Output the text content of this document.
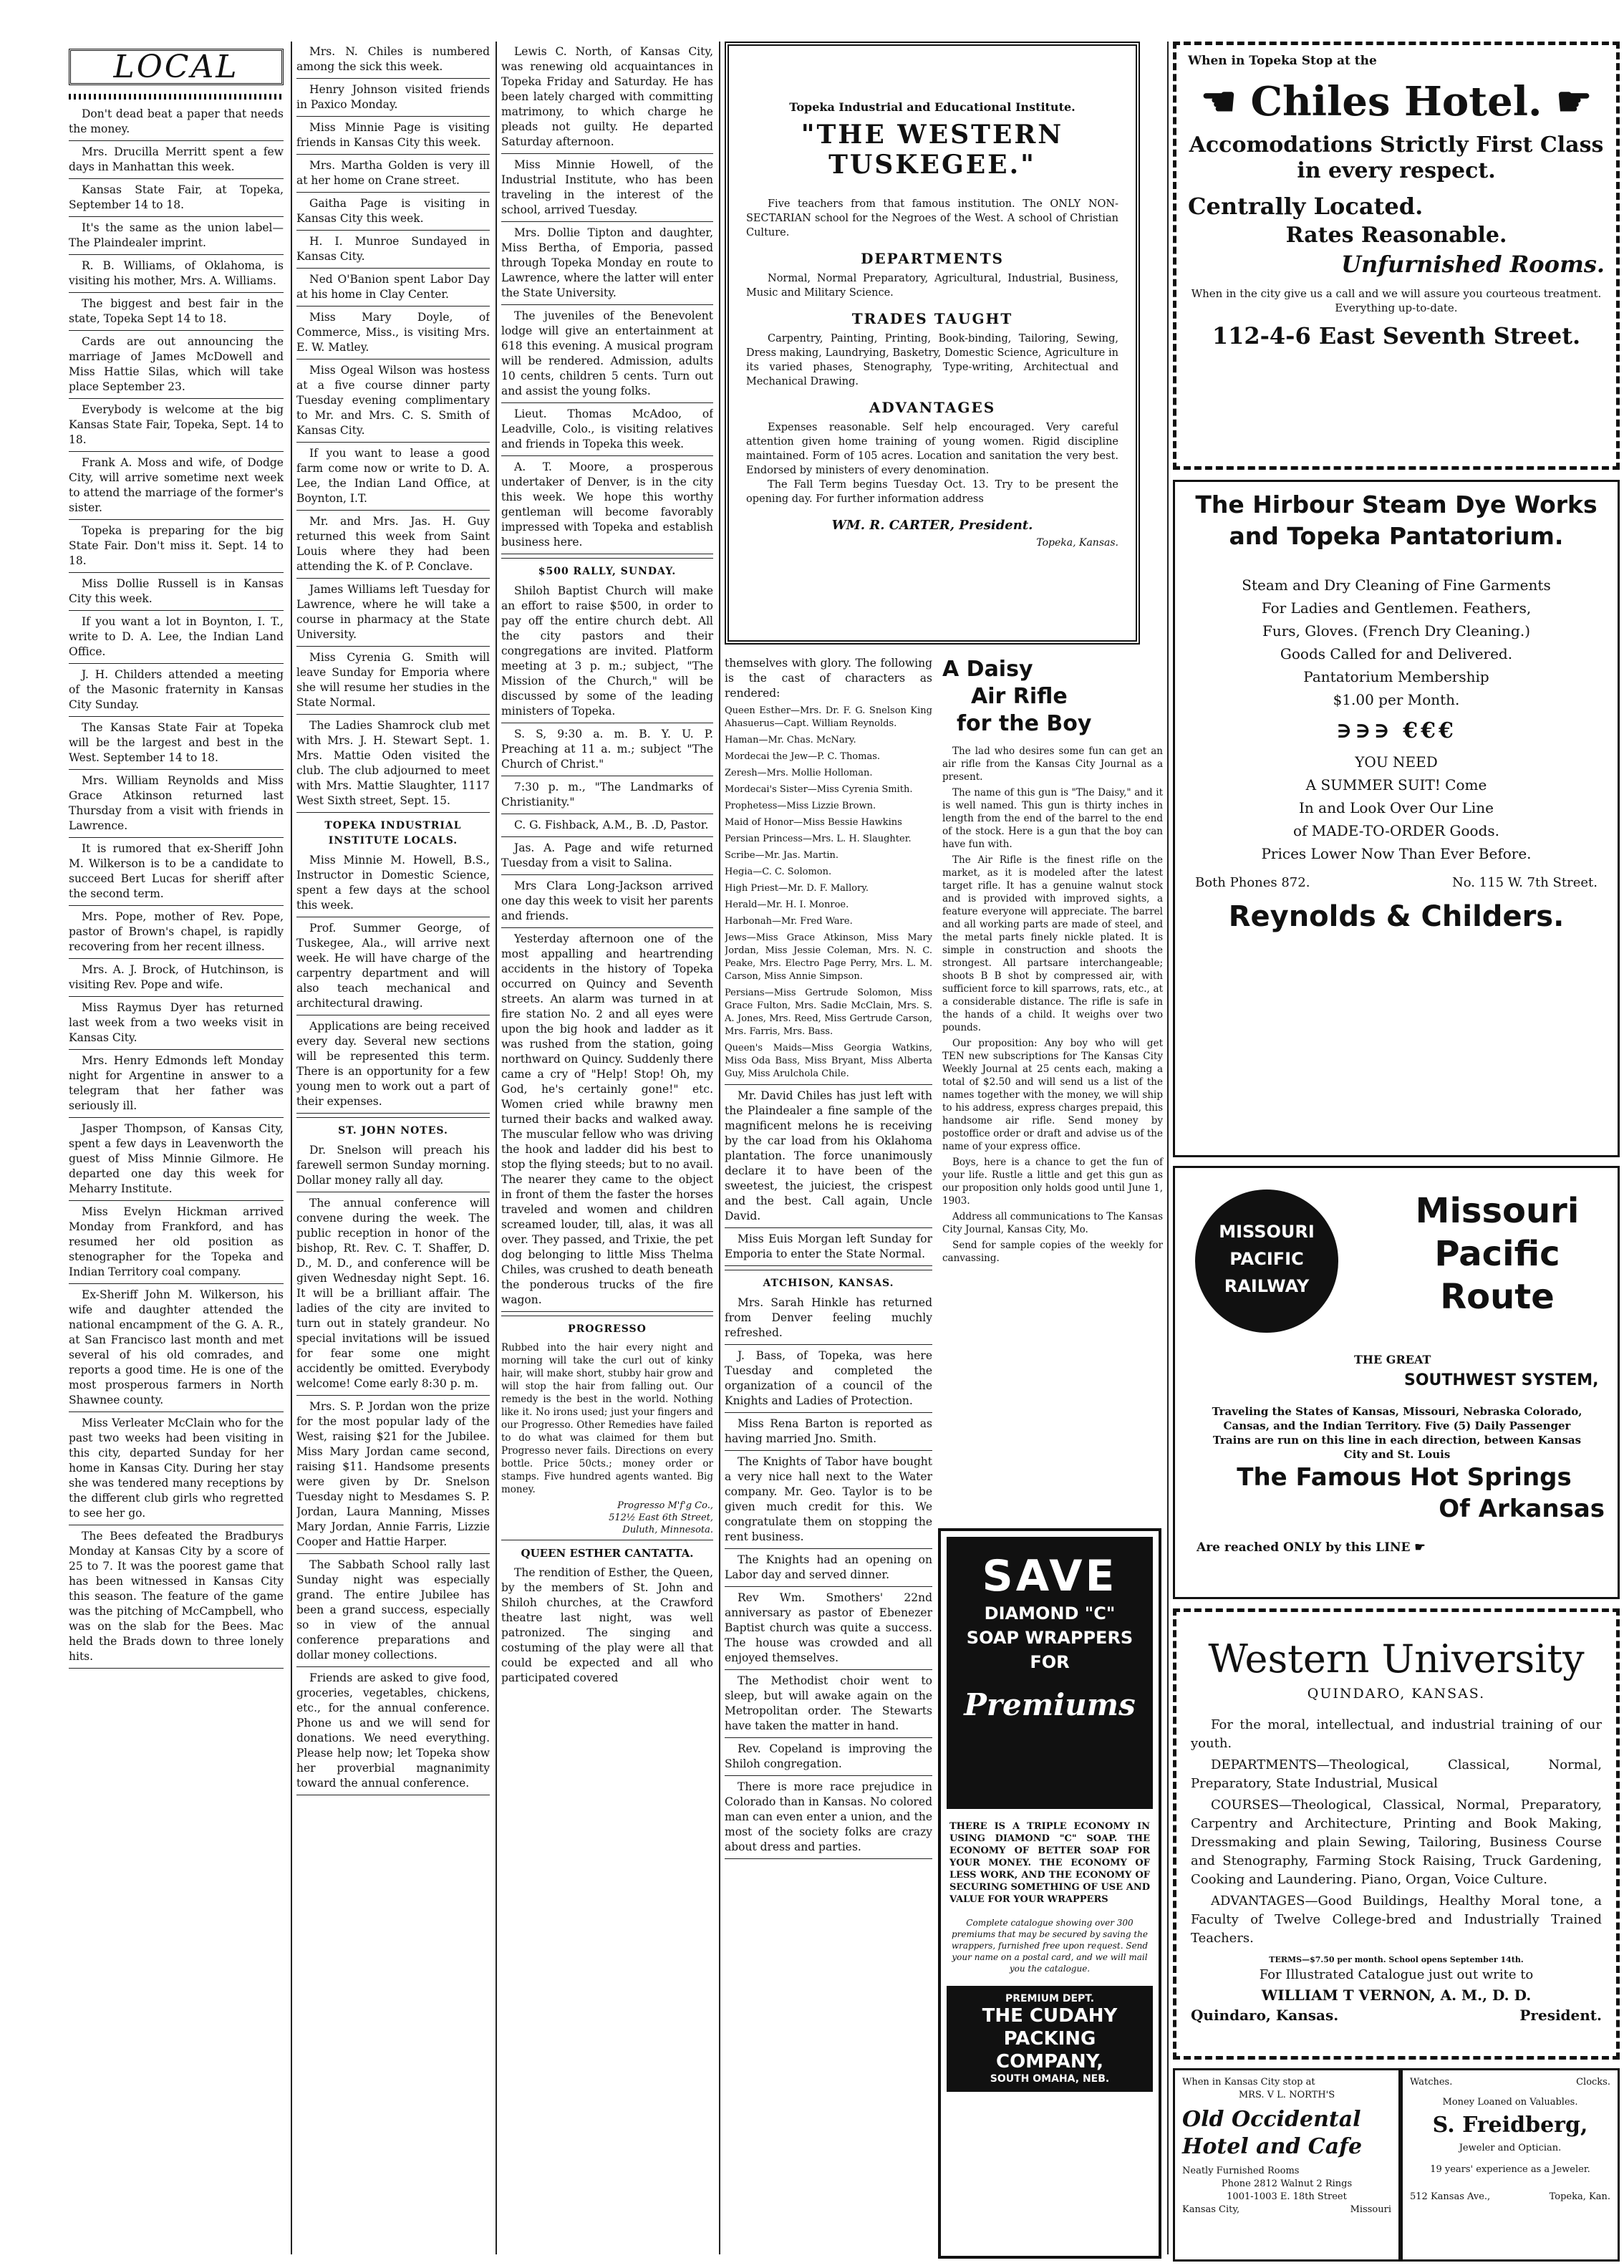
LOCAL

Don't dead beat a paper that needs the money.

Mrs. Drucilla Merritt spent a few days in Manhattan this week.

Kansas State Fair, at Topeka, September 14 to 18.

It's the same as the union label—The Plaindealer imprint.

R. B. Williams, of Oklahoma, is visiting his mother, Mrs. A. Williams.

The biggest and best fair in the state, Topeka Sept 14 to 18.

Cards are out announcing the marriage of James McDowell and Miss Hattie Silas, which will take place September 23.

Everybody is welcome at the big Kansas State Fair, Topeka, Sept. 14 to 18.

Frank A. Moss and wife, of Dodge City, will arrive sometime next week to attend the marriage of the former's sister.

Topeka is preparing for the big State Fair. Don't miss it. Sept. 14 to 18.

Miss Dollie Russell is in Kansas City this week.

If you want a lot in Boynton, I. T., write to D. A. Lee, the Indian Land Office.

J. H. Childers attended a meeting of the Masonic fraternity in Kansas City Sunday.

The Kansas State Fair at Topeka will be the largest and best in the West. September 14 to 18.

Mrs. William Reynolds and Miss Grace Atkinson returned last Thursday from a visit with friends in Lawrence.

It is rumored that ex-Sheriff John M. Wilkerson is to be a candidate to succeed Bert Lucas for sheriff after the second term.

Mrs. Pope, mother of Rev. Pope, pastor of Brown's chapel, is rapidly recovering from her recent illness.

Mrs. A. J. Brock, of Hutchinson, is visiting Rev. Pope and wife.

Miss Raymus Dyer has returned last week from a two weeks visit in Kansas City.

Mrs. Henry Edmonds left Monday night for Argentine in answer to a telegram that her father was seriously ill.

Jasper Thompson, of Kansas City, spent a few days in Leavenworth the guest of Miss Minnie Gilmore. He departed one day this week for Meharry Institute.

Miss Evelyn Hickman arrived Monday from Frankford, and has resumed her old position as stenographer for the Topeka and Indian Territory coal company.

Ex-Sheriff John M. Wilkerson, his wife and daughter attended the national encampment of the G. A. R., at San Francisco last month and met several of his old comrades, and reports a good time. He is one of the most prosperous farmers in North Shawnee county.

Miss Verleater McClain who for the past two weeks had been visiting in this city, departed Sunday for her home in Kansas City. During her stay she was tendered many receptions by the different club girls who regretted to see her go.

The Bees defeated the Bradburys Monday at Kansas City by a score of 25 to 7. It was the poorest game that has been witnessed in Kansas City this season. The feature of the game was the pitching of McCampbell, who was on the slab for the Bees. Mac held the Brads down to three lonely hits.

Mrs. N. Chiles is numbered among the sick this week.

Henry Johnson visited friends in Paxico Monday.

Miss Minnie Page is visiting friends in Kansas City this week.

Mrs. Martha Golden is very ill at her home on Crane street.

Gaitha Page is visiting in Kansas City this week.

H. I. Munroe Sundayed in Kansas City.

Ned O'Banion spent Labor Day at his home in Clay Center.

Miss Mary Doyle, of Commerce, Miss., is visiting Mrs. E. W. Matley.

Miss Ogeal Wilson was hostess at a five course dinner party Tuesday evening complimentary to Mr. and Mrs. C. S. Smith of Kansas City.

If you want to lease a good farm come now or write to D. A. Lee, the Indian Land Office, at Boynton, I.T.

Mr. and Mrs. Jas. H. Guy returned this week from Saint Louis where they had been attending the K. of P. Conclave.

James Williams left Tuesday for Lawrence, where he will take a course in pharmacy at the State University.

Miss Cyrenia G. Smith will leave Sunday for Emporia where she will resume her studies in the State Normal.

The Ladies Shamrock club met with Mrs. J. H. Stewart Sept. 1. Mrs. Mattie Oden visited the club. The club adjourned to meet with Mrs. Mattie Slaughter, 1117 West Sixth street, Sept. 15.

TOPEKA INDUSTRIAL INSTITUTE LOCALS.

Miss Minnie M. Howell, B.S., Instructor in Domestic Science, spent a few days at the school this week.

Prof. Summer George, of Tuskegee, Ala., will arrive next week. He will have charge of the carpentry department and will also teach mechanical and architectural drawing.

Applications are being received every day. Several new sections will be represented this term. There is an opportunity for a few young men to work out a part of their expenses.

ST. JOHN NOTES.

Dr. Snelson will preach his farewell sermon Sunday morning. Dollar money rally all day.

The annual conference will convene during the week. The public reception in honor of the bishop, Rt. Rev. C. T. Shaffer, D. D., M. D., and conference will be given Wednesday night Sept. 16. It will be a brilliant affair. The ladies of the city are invited to turn out in stately grandeur. No special invitations will be issued for fear some one might accidently be omitted. Everybody welcome! Come early 8:30 p. m.

Mrs. S. P. Jordan won the prize for the most popular lady of the West, raising $21 for the Jubilee. Miss Mary Jordan came second, raising $11. Handsome presents were given by Dr. Snelson Tuesday night to Mesdames S. P. Jordan, Laura Manning, Misses Mary Jordan, Annie Farris, Lizzie Cooper and Hattie Harper.

The Sabbath School rally last Sunday night was especially grand. The entire Jubilee has been a grand success, especially so in view of the annual conference preparations and dollar money collections.

Friends are asked to give food, groceries, vegetables, chickens, etc., for the annual conference. Phone us and we will send for donations. We need everything. Please help now; let Topeka show her proverbial magnanimity toward the annual conference.

Lewis C. North, of Kansas City, was renewing old acquaintances in Topeka Friday and Saturday. He has been lately charged with committing matrimony, to which charge he pleads not guilty. He departed Saturday afternoon.

Miss Minnie Howell, of the Industrial Institute, who has been traveling in the interest of the school, arrived Tuesday.

Mrs. Dollie Tipton and daughter, Miss Bertha, of Emporia, passed through Topeka Monday en route to Lawrence, where the latter will enter the State University.

The juveniles of the Benevolent lodge will give an entertainment at 618 this evening. A musical program will be rendered. Admission, adults 10 cents, children 5 cents. Turn out and assist the young folks.

Lieut. Thomas McAdoo, of Leadville, Colo., is visiting relatives and friends in Topeka this week.

A. T. Moore, a prosperous undertaker of Denver, is in the city this week. We hope this worthy gentleman will become favorably impressed with Topeka and establish business here.

$500 RALLY, SUNDAY.

Shiloh Baptist Church will make an effort to raise $500, in order to pay off the entire church debt. All the city pastors and their congregations are invited. Platform meeting at 3 p. m.; subject, "The Mission of the Church," will be discussed by some of the leading ministers of Topeka.

S. S, 9:30 a. m. B. Y. U. P. Preaching at 11 a. m.; subject "The Church of Christ."

7:30 p. m., "The Landmarks of Christianity."

C. G. Fishback, A.M., B. .D, Pastor.

Jas. A. Page and wife returned Tuesday from a visit to Salina.

Mrs Clara Long-Jackson arrived one day this week to visit her parents and friends.

Yesterday afternoon one of the most appalling and heartrending accidents in the history of Topeka occurred on Quincy and Seventh streets. An alarm was turned in at fire station No. 2 and all eyes were upon the big hook and ladder as it was rushed from the station, going northward on Quincy. Suddenly there came a cry of "Help! Stop! Oh, my God, he's certainly gone!" etc. Women cried while brawny men turned their backs and walked away. The muscular fellow who was driving the hook and ladder did his best to stop the flying steeds; but to no avail. The nearer they came to the object in front of them the faster the horses traveled and women and children screamed louder, till, alas, it was all over. They passed, and Trixie, the pet dog belonging to little Miss Thelma Chiles, was crushed to death beneath the ponderous trucks of the fire wagon.

PROGRESSO

Rubbed into the hair every night and morning will take the curl out of kinky hair, will make short, stubby hair grow and will stop the hair from falling out. Our remedy is the best in the world. Nothing like it. No irons used; just your fingers and our Progresso. Other Remedies have failed to do what was claimed for them but Progresso never fails. Directions on every bottle. Price 50cts.; money order or stamps. Five hundred agents wanted. Big money.

Progresso M'f'g Co.,
512½ East 6th Street,
Duluth, Minnesota.
QUEEN ESTHER CANTATTA.

The rendition of Esther, the Queen, by the members of St. John and Shiloh churches, at the Crawford theatre last night, was well patronized. The singing and costuming of the play were all that could be expected and all who participated covered

themselves with glory. The following is the cast of characters as rendered:

Queen Esther—Mrs. Dr. F. G. Snelson King Ahasuerus—Capt. William Reynolds.

Haman—Mr. Chas. McNary.

Mordecai the Jew—P. C. Thomas.

Zeresh—Mrs. Mollie Holloman.

Mordecai's Sister—Miss Cyrenia Smith.

Prophetess—Miss Lizzie Brown.

Maid of Honor—Miss Bessie Hawkins

Persian Princess—Mrs. L. H. Slaughter.

Scribe—Mr. Jas. Martin.

Hegia—C. C. Solomon.

High Priest—Mr. D. F. Mallory.

Herald—Mr. H. I. Monroe.

Harbonah—Mr. Fred Ware.

Jews—Miss Grace Atkinson, Miss Mary Jordan, Miss Jessie Coleman, Mrs. N. C. Peake, Mrs. Electro Page Perry, Mrs. L. M. Carson, Miss Annie Simpson.

Persians—Miss Gertrude Solomon, Miss Grace Fulton, Mrs. Sadie McClain, Mrs. S. A. Jones, Mrs. Reed, Miss Gertrude Carson, Mrs. Farris, Mrs. Bass.

Queen's Maids—Miss Georgia Watkins, Miss Oda Bass, Miss Bryant, Miss Alberta Guy, Miss Arulchola Chile.

Mr. David Chiles has just left with the Plaindealer a fine sample of the magnificent melons he is receiving by the car load from his Oklahoma plantation. The force unanimously declare it to have been of the sweetest, the juiciest, the crispest and the best. Call again, Uncle David.

Miss Euis Morgan left Sunday for Emporia to enter the State Normal.

ATCHISON, KANSAS.

Mrs. Sarah Hinkle has returned from Denver feeling muchly refreshed.

J. Bass, of Topeka, was here Tuesday and completed the organization of a council of the Knights and Ladies of Protection.

Miss Rena Barton is reported as having married Jno. Smith.

The Knights of Tabor have bought a very nice hall next to the Water company. Mr. Geo. Taylor is to be given much credit for this. We congratulate them on stopping the rent business.

The Knights had an opening on Labor day and served dinner.

Rev Wm. Smothers' 22nd anniversary as pastor of Ebenezer Baptist church was quite a success. The house was crowded and all enjoyed themselves.

The Methodist choir went to sleep, but will awake again on the Metropolitan order. The Stewarts have taken the matter in hand.

Rev. Copeland is improving the Shiloh congregation.

There is more race prejudice in Colorado than in Kansas. No colored man can even enter a union, and the most of the society folks are crazy about dress and parties.

Topeka Industrial and Educational Institute.
"THE WESTERN TUSKEGEE."
Five teachers from that famous institution. The ONLY NON-SECTARIAN school for the Negroes of the West. A school of Christian Culture.
DEPARTMENTS
Normal, Normal Preparatory, Agricultural, Industrial, Business, Music and Military Science.
TRADES TAUGHT
Carpentry, Painting, Printing, Book-binding, Tailoring, Sewing, Dress making, Laundrying, Basketry, Domestic Science, Agriculture in its varied phases, Stenography, Type-writing, Architectual and Mechanical Drawing.
ADVANTAGES
Expenses reasonable. Self help encouraged. Very careful attention given home training of young women. Rigid discipline maintained. Form of 105 acres. Location and sanitation the very best. Endorsed by ministers of every denomination.
The Fall Term begins Tuesday Oct. 13. Try to be present the opening day. For further information address
WM. R. CARTER, President.
Topeka, Kansas.
When in Topeka Stop at the
☚ Chiles Hotel. ☛
Accomodations Strictly First Class
in every respect.
Centrally Located.
Rates Reasonable.
Unfurnished Rooms.
When in the city give us a call and we will assure you courteous treatment. Everything up-to-date.
112-4-6 East Seventh Street.
The Hirbour Steam Dye Works and Topeka Pantatorium.
Steam and Dry Cleaning of Fine Garments
For Ladies and Gentlemen. Feathers,
Furs, Gloves. (French Dry Cleaning.)
Goods Called for and Delivered.
Pantatorium Membership
$1.00 per Month.
∋∋∋ €€€
YOU NEED
A SUMMER SUIT! Come
In and Look Over Our Line
of MADE-TO-ORDER Goods.
Prices Lower Now Than Ever Before.
Both Phones 872.	No. 115 W. 7th Street.
Reynolds & Childers.
MISSOURI
PACIFIC
RAILWAY
Missouri Pacific Route
THE GREAT
SOUTHWEST SYSTEM,
Traveling the States of Kansas, Missouri, Nebraska Colorado, Cansas, and the Indian Territory. Five (5) Daily Passenger Trains are run on this line in each direction, between Kansas City and St. Louis
The Famous Hot Springs
Of Arkansas
Are reached ONLY by this LINE ☛
Western University
QUINDARO, KANSAS.
For the moral, intellectual, and industrial training of our youth.
DEPARTMENTS—Theological, Classical, Normal, Preparatory, State Industrial, Musical
COURSES—Theological, Classical, Normal, Preparatory, Carpentry and Architecture, Printing and Book Making, Dressmaking and plain Sewing, Tailoring, Business Course and Stenography, Farming Stock Raising, Truck Gardening, Cooking and Laundering. Piano, Organ, Voice Culture.
ADVANTAGES—Good Buildings, Healthy Moral tone, a Faculty of Twelve College-bred and Industrially Trained Teachers.
TERMS—$7.50 per month. School opens September 14th.
For Illustrated Catalogue just out write to
WILLIAM T VERNON, A. M., D. D.
Quindaro, Kansas.	President.
When in Kansas City stop at
MRS. V L. NORTH'S
Old Occidental Hotel and Cafe
Neatly Furnished Rooms
Phone 2812 Walnut 2 Rings
1001-1003 E. 18th Street
Kansas City,	Missouri
Watches.	Clocks.
Money Loaned on Valuables.
S. Freidberg,
Jeweler and Optician.
19 years' experience as a Jeweler.
512 Kansas Ave.,	Topeka, Kan.
A Daisy
Air Rifle
for the Boy

The lad who desires some fun can get an air rifle from the Kansas City Journal as a present.

The name of this gun is "The Daisy," and it is well named. This gun is thirty inches in length from the end of the barrel to the end of the stock. Here is a gun that the boy can have fun with.

The Air Rifle is the finest rifle on the market, as it is modeled after the latest target rifle. It has a genuine walnut stock and is provided with improved sights, a feature everyone will appreciate. The barrel and all working parts are made of steel, and the metal parts finely nickle plated. It is simple in construction and shoots the strongest. All partsare interchangeable; shoots B B shot by compressed air, with sufficient force to kill sparrows, rats, etc., at a considerable distance. The rifle is safe in the hands of a child. It weighs over two pounds.

Our proposition: Any boy who will get TEN new subscriptions for The Kansas City Weekly Journal at 25 cents each, making a total of $2.50 and will send us a list of the names together with the money, we will ship to his address, express charges prepaid, this handsome air rifle. Send money by postoffice order or draft and advise us of the name of your express office.

Boys, here is a chance to get the fun of your life. Rustle a little and get this gun as our proposition only holds good until June 1, 1903.

Address all communications to The Kansas City Journal, Kansas City, Mo.

Send for sample copies of the weekly for canvassing.

SAVE
DIAMOND "C"
SOAP WRAPPERS
FOR
Premiums
THERE IS A TRIPLE ECONOMY IN USING DIAMOND "C" SOAP. THE ECONOMY OF BETTER SOAP FOR YOUR MONEY. THE ECONOMY OF LESS WORK, AND THE ECONOMY OF SECURING SOMETHING OF USE AND VALUE FOR YOUR WRAPPERS
Complete catalogue showing over 300 premiums that may be secured by saving the wrappers, furnished free upon request. Send your name on a postal card, and we will mail you the catalogue.
PREMIUM DEPT.
THE CUDAHY PACKING COMPANY,
SOUTH OMAHA, NEB.
